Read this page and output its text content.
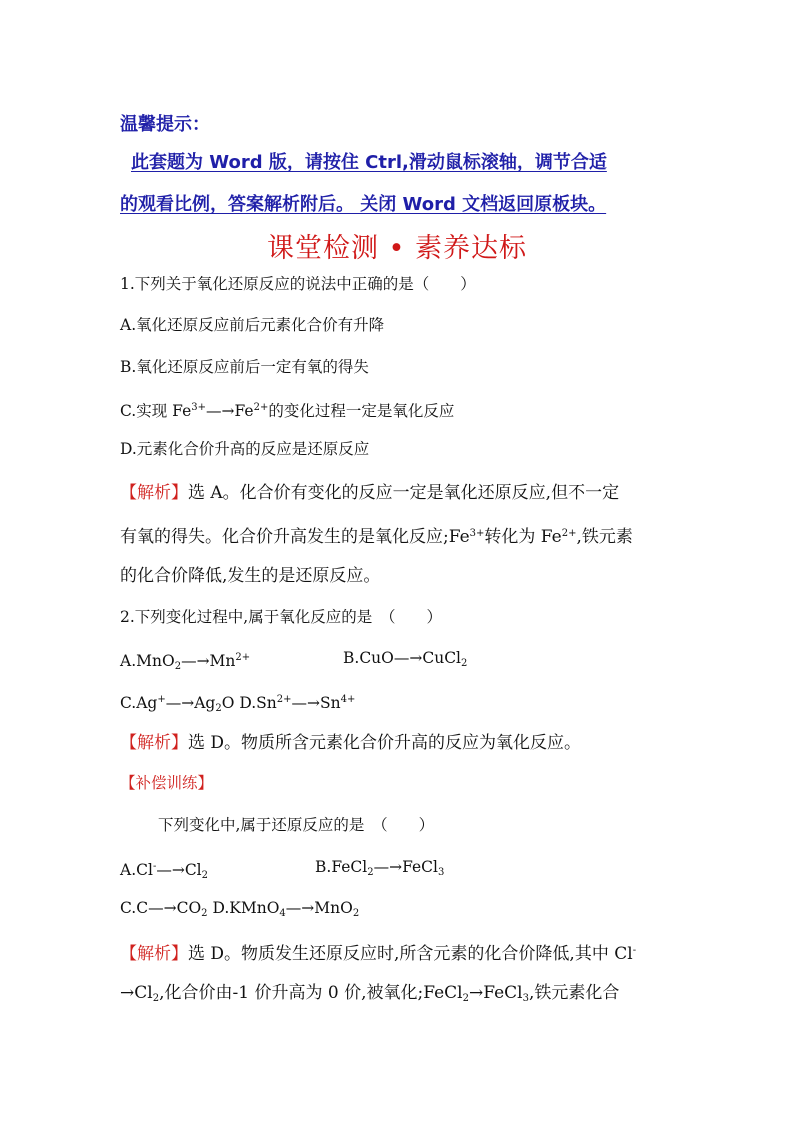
温馨提示：
此套题为 Word 版，请按住 Ctrl,滑动鼠标滚轴，调节合适
的观看比例，答案解析附后。 关闭 Word 文档返回原板块。
课堂检测 • 素养达标
1.下列关于氧化还原反应的说法中正确的是（　　）
A.氧化还原反应前后元素化合价有升降
B.氧化还原反应前后一定有氧的得失
C.实现 $Fe^{3+}—\to Fe^{2+}$的变化过程一定是氧化反应
D.元素化合价升高的反应是还原反应
【解析】选 A。化合价有变化的反应一定是氧化还原反应,但不一定
有氧的得失。化合价升高发生的是氧化反应$;Fe^{3+}$转化为 $Fe^{2+}$,铁元素
的化合价降低,发生的是还原反应。
2.下列变化过程中,属于氧化反应的是　（　　）
$A.MnO2—\to Mn^{2+}$	B.CuO—→CuCl2
C.Ag+—→Ag2O $D.Sn^{2+}—\to Sn^{4+}$
【解析】选 D。物质所含元素化合价升高的反应为氧化反应。
【补偿训练】
下列变化中,属于还原反应的是　（　　）
A.Cl-—→Cl2	B.FeCl2—→FeCl3
C.C—→CO2 D.KMnO4—→MnO2
【解析】选 D。物质发生还原反应时,所含元素的化合价降低,其中 Cl-
→Cl2,化合价由-1 价升高为 0 价,被氧化;FeCl2→FeCl3,铁元素化合
